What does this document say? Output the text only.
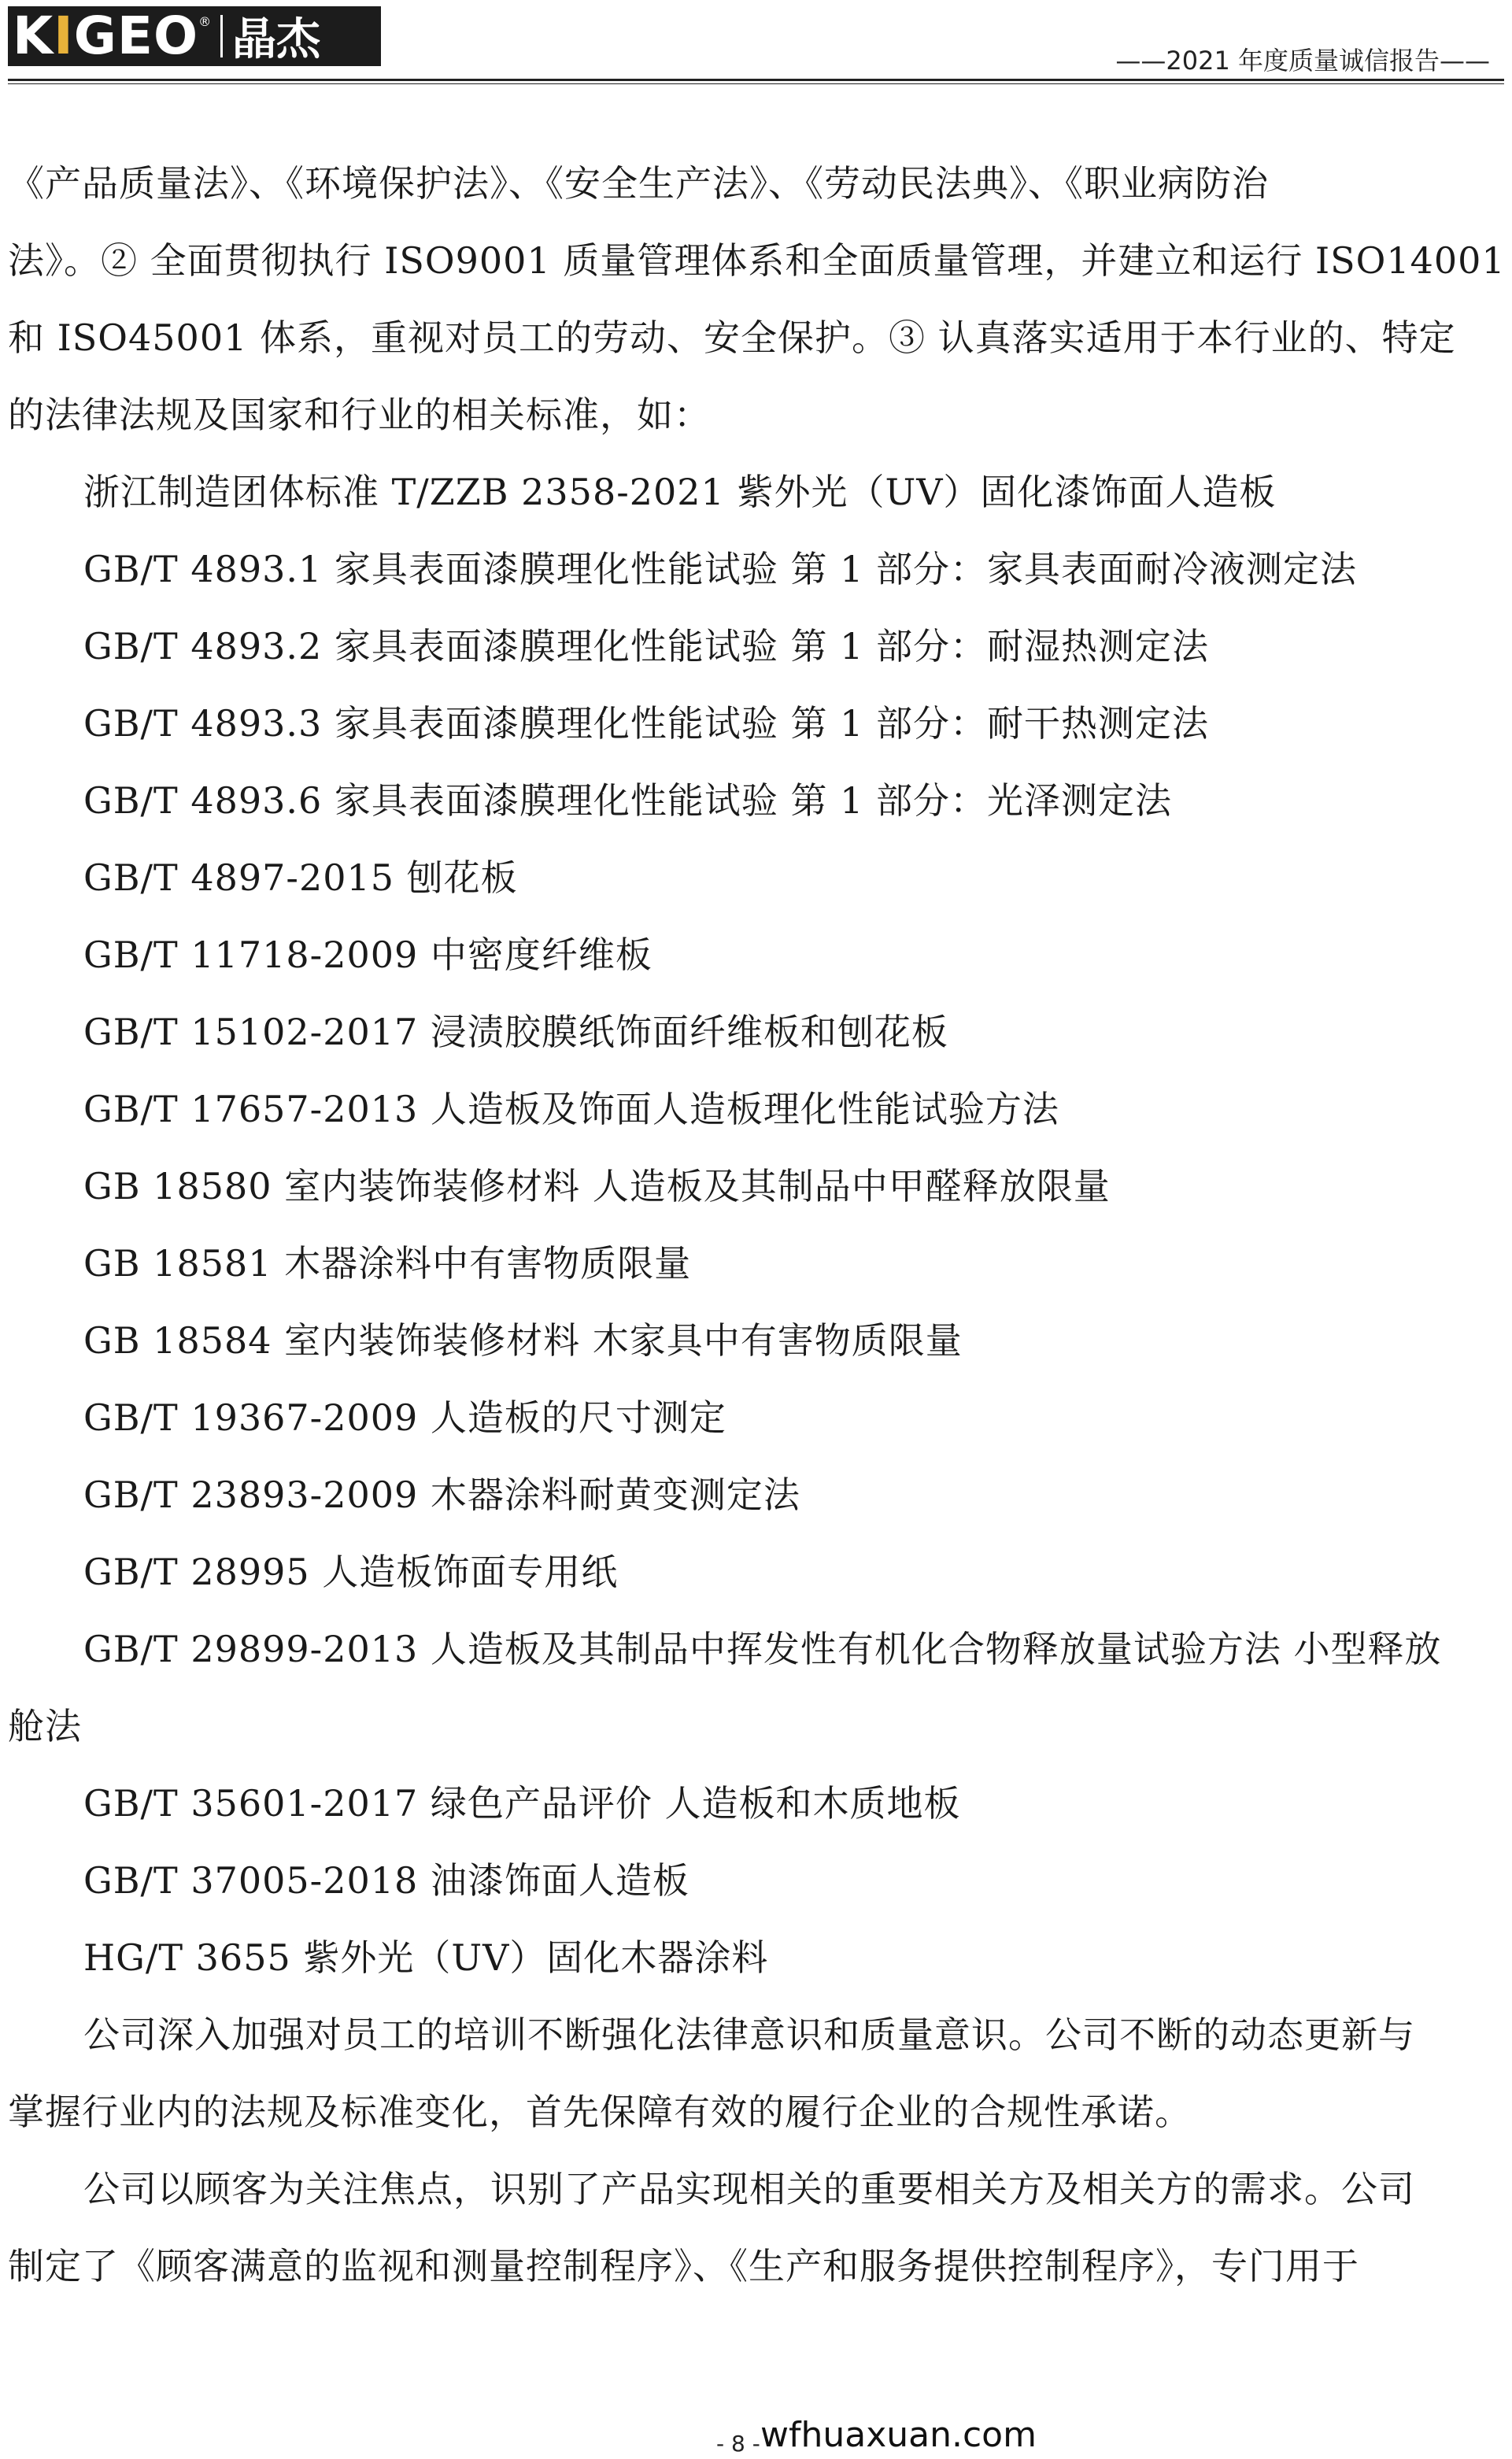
KIGEO ® 晶杰	——2021 年度质量诚信报告——
《产品质量法》、《环境保护法》、《安全生产法》、《劳动民法典》、《职业病防治
法》。② 全面贯彻执行 ISO9001 质量管理体系和全面质量管理，并建立和运行 ISO14001
和 ISO45001 体系，重视对员工的劳动、安全保护。③ 认真落实适用于本行业的、特定
的法律法规及国家和行业的相关标准，如：
浙江制造团体标准 T/ZZB 2358-2021 紫外光（UV）固化漆饰面人造板
GB/T 4893.1 家具表面漆膜理化性能试验 第 1 部分：家具表面耐冷液测定法
GB/T 4893.2 家具表面漆膜理化性能试验 第 1 部分：耐湿热测定法
GB/T 4893.3 家具表面漆膜理化性能试验 第 1 部分：耐干热测定法
GB/T 4893.6 家具表面漆膜理化性能试验 第 1 部分：光泽测定法
GB/T 4897-2015 刨花板
GB/T 11718-2009 中密度纤维板
GB/T 15102-2017 浸渍胶膜纸饰面纤维板和刨花板
GB/T 17657-2013 人造板及饰面人造板理化性能试验方法
GB 18580 室内装饰装修材料 人造板及其制品中甲醛释放限量
GB 18581 木器涂料中有害物质限量
GB 18584 室内装饰装修材料 木家具中有害物质限量
GB/T 19367-2009 人造板的尺寸测定
GB/T 23893-2009 木器涂料耐黄变测定法
GB/T 28995 人造板饰面专用纸
GB/T 29899-2013 人造板及其制品中挥发性有机化合物释放量试验方法 小型释放
舱法
GB/T 35601-2017 绿色产品评价 人造板和木质地板
GB/T 37005-2018 油漆饰面人造板
HG/T 3655 紫外光（UV）固化木器涂料
公司深入加强对员工的培训不断强化法律意识和质量意识。公司不断的动态更新与
掌握行业内的法规及标准变化，首先保障有效的履行企业的合规性承诺。
公司以顾客为关注焦点，识别了产品实现相关的重要相关方及相关方的需求。公司
制定了《顾客满意的监视和测量控制程序》、《生产和服务提供控制程序》，专门用于
- 8 - wfhuaxuan.com
